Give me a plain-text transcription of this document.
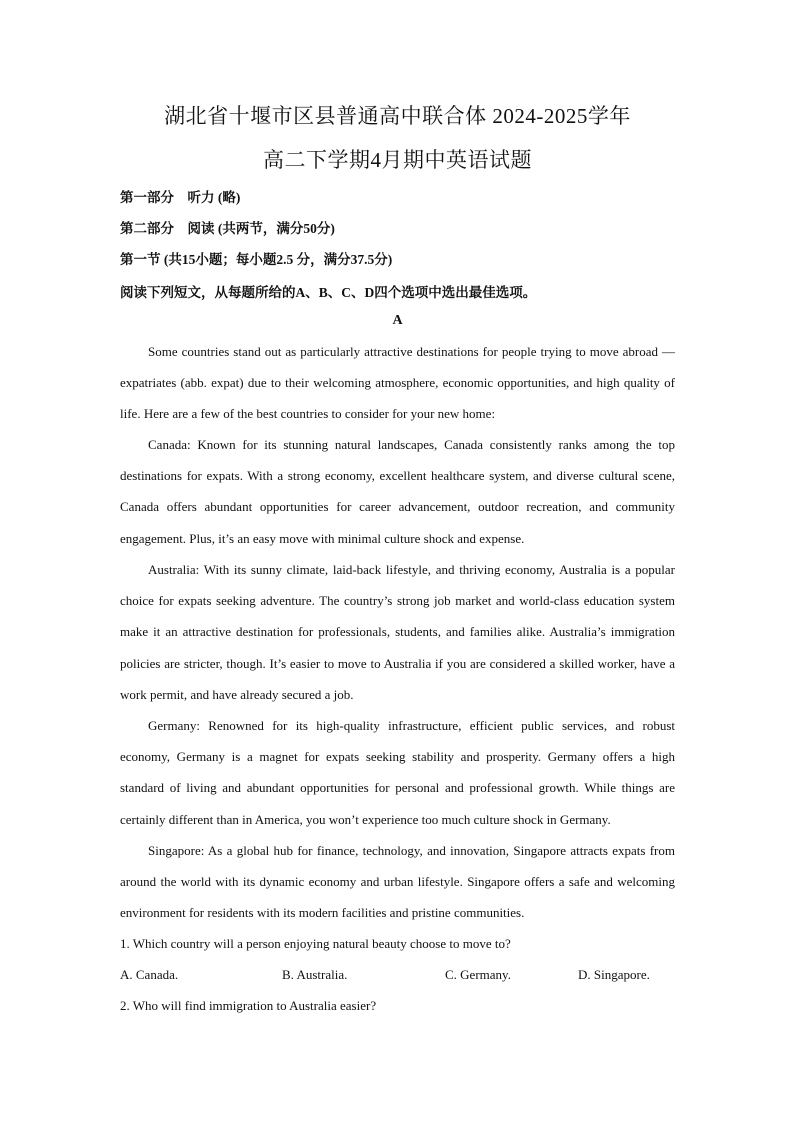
湖北省十堰市区县普通高中联合体 2024-2025学年
高二下学期4月期中英语试题
第一部分　听力 (略)
第二部分　阅读 (共两节，满分50分)
第一节 (共15小题；每小题2.5 分，满分37.5分)
阅读下列短文，从每题所给的A、B、C、D四个选项中选出最佳选项。
A

Some countries stand out as particularly attractive destinations for people trying to move abroad — expatriates (abb. expat) due to their welcoming atmosphere, economic opportunities, and high quality of life. Here are a few of the best countries to consider for your new home:

Canada: Known for its stunning natural landscapes, Canada consistently ranks among the top destinations for expats. With a strong economy, excellent healthcare system, and diverse cultural scene, Canada offers abundant opportunities for career advancement, outdoor recreation, and community engagement. Plus, it’s an easy move with minimal culture shock and expense.

Australia: With its sunny climate, laid-back lifestyle, and thriving economy, Australia is a popular choice for expats seeking adventure. The country’s strong job market and world-class education system make it an attractive destination for professionals, students, and families alike. Australia’s immigration policies are stricter, though. It’s easier to move to Australia if you are considered a skilled worker, have a work permit, and have already secured a job.

Germany: Renowned for its high-quality infrastructure, efficient public services, and robust economy, Germany is a magnet for expats seeking stability and prosperity. Germany offers a high standard of living and abundant opportunities for personal and professional growth. While things are certainly different than in America, you won’t experience too much culture shock in Germany.

Singapore: As a global hub for finance, technology, and innovation, Singapore attracts expats from around the world with its dynamic economy and urban lifestyle. Singapore offers a safe and welcoming environment for residents with its modern facilities and pristine communities.

1. Which country will a person enjoying natural beauty choose to move to?
A. Canada.	B. Australia.	C. Germany.	D. Singapore.
2. Who will find immigration to Australia easier?
